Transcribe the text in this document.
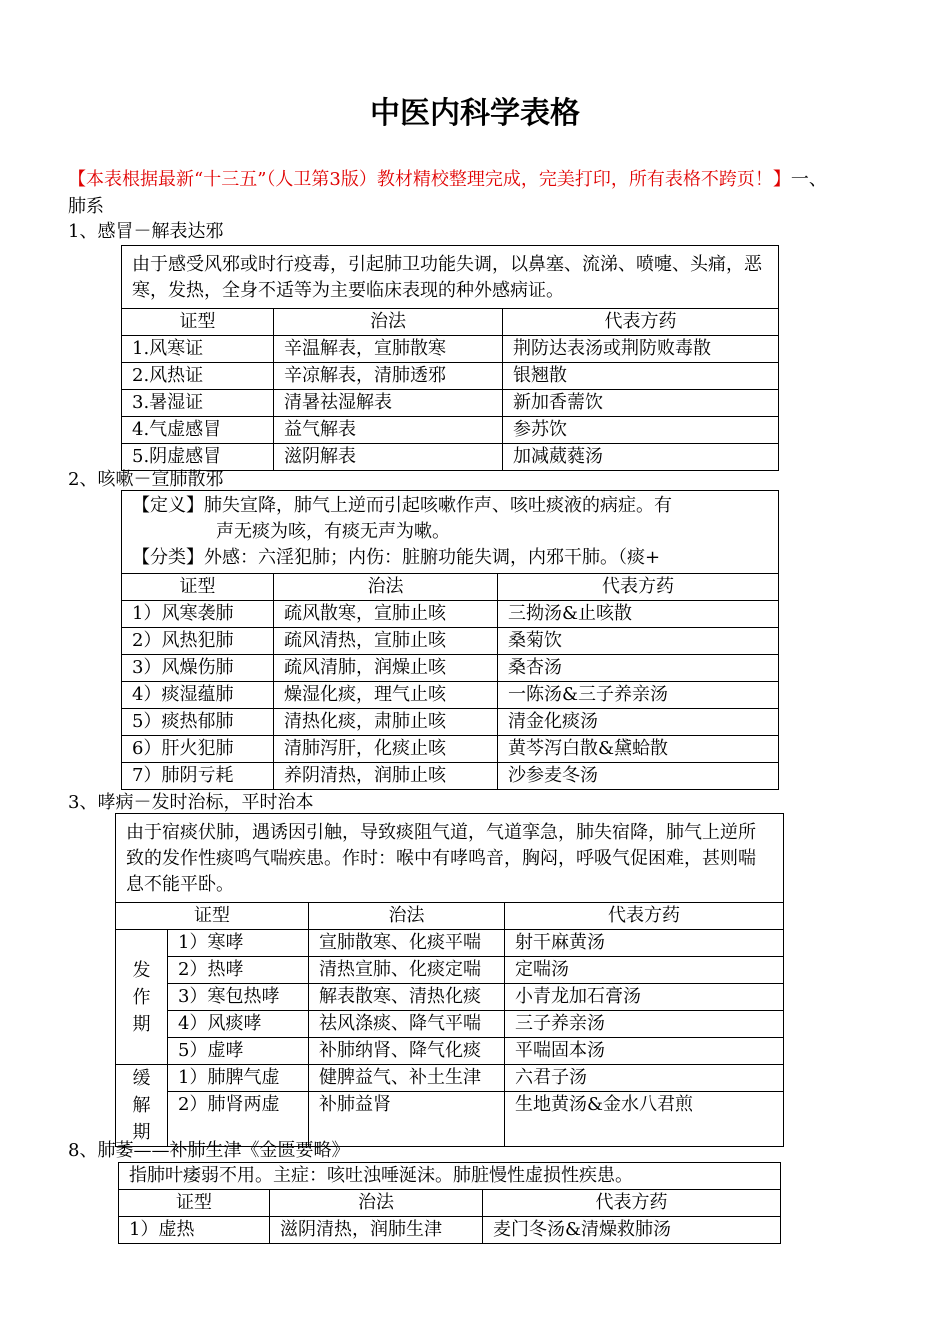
中医内科学表格
【本表根据最新“十三五”（人卫第3版）教材精校整理完成，完美打印，所有表格不跨页！】一、肺系
1、感冒－解表达邪
由于感受风邪或时行疫毒，引起肺卫功能失调，以鼻塞、流涕、喷嚏、头痛，恶寒，发热，全身不适等为主要临床表现的种外感病证。		
证型	治法	代表方药
1.风寒证	辛温解表，宣肺散寒	荆防达表汤或荆防败毒散
2.风热证	辛凉解表，清肺透邪	银翘散
3.暑湿证	清暑祛湿解表	新加香薷饮
4.气虚感冒	益气解表	参苏饮
5.阴虚感冒	滋阴解表	加减葳蕤汤
2、咳嗽－宣肺散邪
【定义】肺失宣降，肺气上逆而引起咳嗽作声、咳吐痰液的病症。有
声无痰为咳，有痰无声为嗽。
【分类】外感：六淫犯肺；内伤：脏腑功能失调，内邪干肺。（痰+		

证型	治法	代表方药
1）风寒袭肺	疏风散寒，宣肺止咳	三拗汤&止咳散
2）风热犯肺	疏风清热，宣肺止咳	桑菊饮
3）风燥伤肺	疏风清肺，润燥止咳	桑杏汤
4）痰湿蕴肺	燥湿化痰，理气止咳	一陈汤&三子养亲汤
5）痰热郁肺	清热化痰，肃肺止咳	清金化痰汤
6）肝火犯肺	清肺泻肝，化痰止咳	黄芩泻白散&黛蛤散
7）肺阴亏耗	养阴清热，润肺止咳	沙参麦冬汤
3、哮病－发时治标，平时治本
由于宿痰伏肺，遇诱因引触，导致痰阻气道，气道挛急，肺失宿降，肺气上逆所致的发作性痰鸣气喘疾患。作时：喉中有哮鸣音，胸闷，呼吸气促困难，甚则喘息不能平卧。			
证型		治法	代表方药

发
作
期	1）寒哮	宣肺散寒、化痰平喘	射干麻黄汤
	2）热哮	清热宣肺、化痰定喘	定喘汤
	3）寒包热哮	解表散寒、清热化痰	小青龙加石膏汤
	4）风痰哮	祛风涤痰、降气平喘	三子养亲汤
	5）虚哮	补肺纳肾、降气化痰	平喘固本汤

缓
解
期	1）肺脾气虚	健脾益气、补土生津	六君子汤
	2）肺肾两虚	补肺益肾	生地黄汤&金水八君煎
8、肺萎——补肺生津《金匮要略》
指肺叶痿弱不用。主症：咳吐浊唾涎沫。肺脏慢性虚损性疾患。		
证型	治法	代表方药
1）虚热	滋阴清热，润肺生津	麦门冬汤&清燥救肺汤
